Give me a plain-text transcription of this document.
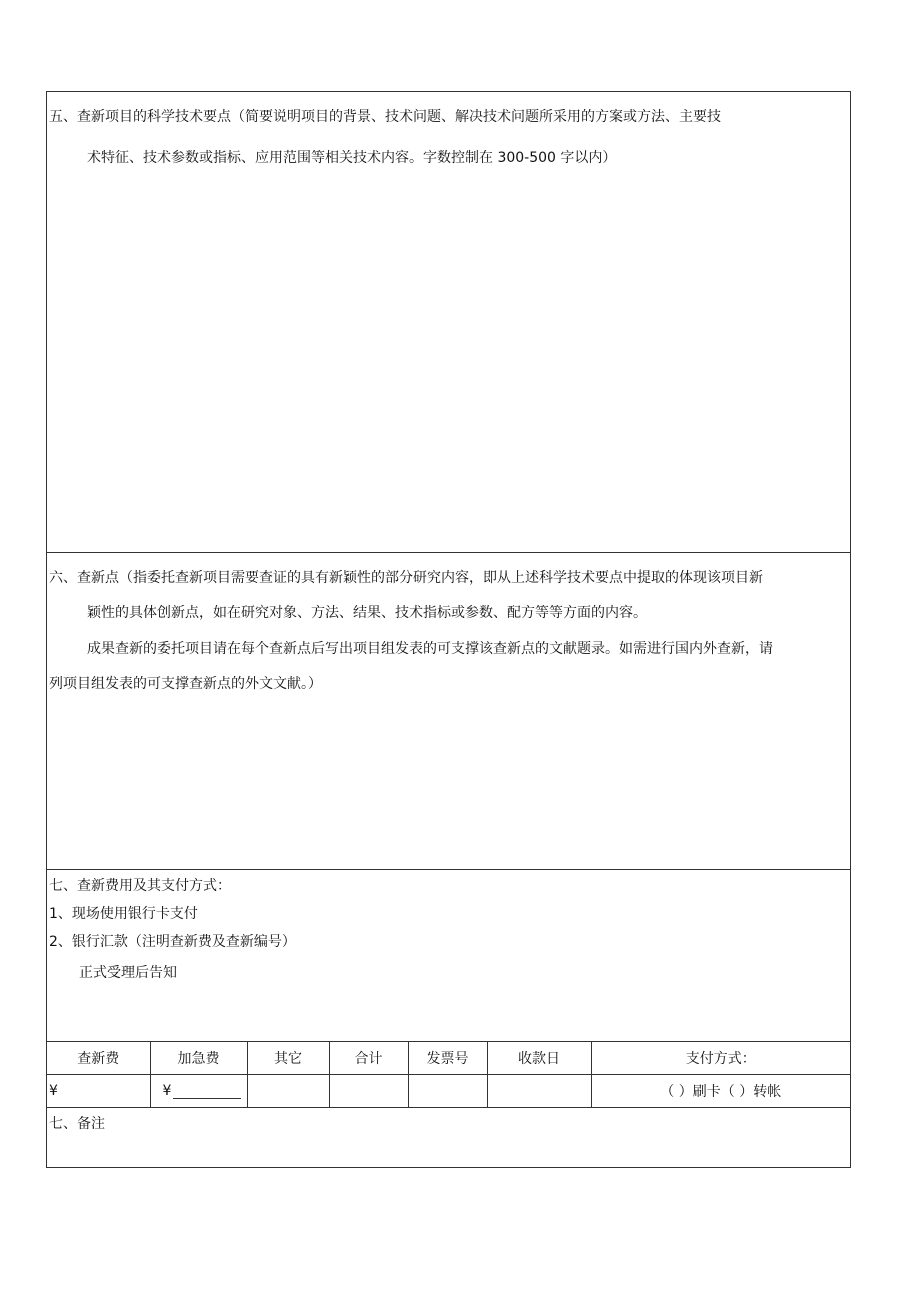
五、查新项目的科学技术要点（简要说明项目的背景、技术问题、解决技术问题所采用的方案或方法、主要技
术特征、技术参数或指标、应用范围等相关技术内容。字数控制在 300-500 字以内）
六、查新点（指委托查新项目需要查证的具有新颖性的部分研究内容，即从上述科学技术要点中提取的体现该项目新
颖性的具体创新点，如在研究对象、方法、结果、技术指标或参数、配方等等方面的内容。
成果查新的委托项目请在每个查新点后写出项目组发表的可支撑该查新点的文献题录。如需进行国内外查新，请
列项目组发表的可支撑查新点的外文文献。）
七、查新费用及其支付方式：
1、现场使用银行卡支付
2、银行汇款（注明查新费及查新编号）
正式受理后告知
查新费	加急费	其它	合计	发票号	收款日	支付方式：
¥	¥					（ ）刷卡（ ）转帐
七、备注
